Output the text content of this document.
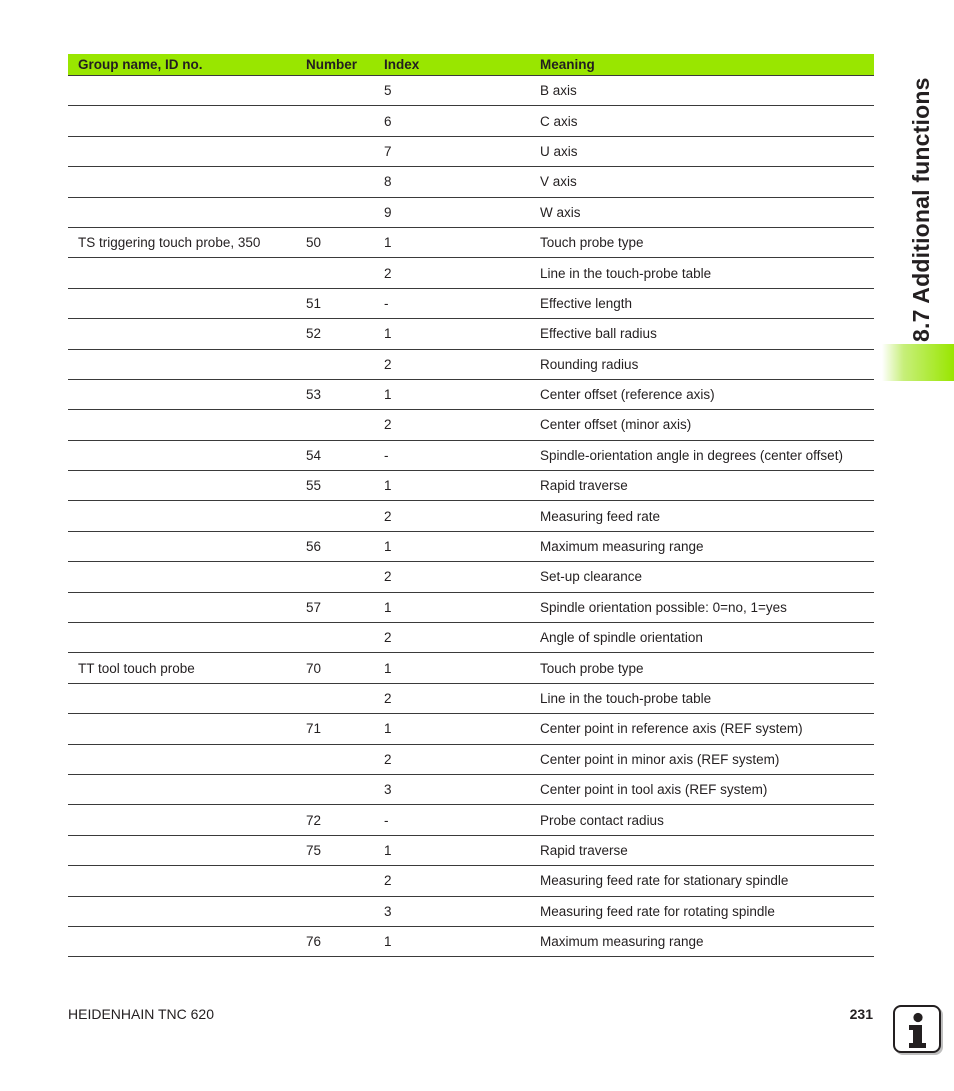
Group name, ID no.	Number	Index	Meaning
		5	B axis
		6	C axis
		7	U axis
		8	V axis
		9	W axis
TS triggering touch probe, 350	50	1	Touch probe type
		2	Line in the touch-probe table
	51	-	Effective length
	52	1	Effective ball radius
		2	Rounding radius
	53	1	Center offset (reference axis)
		2	Center offset (minor axis)
	54	-	Spindle-orientation angle in degrees (center offset)
	55	1	Rapid traverse
		2	Measuring feed rate
	56	1	Maximum measuring range
		2	Set-up clearance
	57	1	Spindle orientation possible: 0=no, 1=yes
		2	Angle of spindle orientation
TT tool touch probe	70	1	Touch probe type
		2	Line in the touch-probe table
	71	1	Center point in reference axis (REF system)
		2	Center point in minor axis (REF system)
		3	Center point in tool axis (REF system)
	72	-	Probe contact radius
	75	1	Rapid traverse
		2	Measuring feed rate for stationary spindle
		3	Measuring feed rate for rotating spindle
	76	1	Maximum measuring range
8.7 Additional functions
HEIDENHAIN TNC 620	231
